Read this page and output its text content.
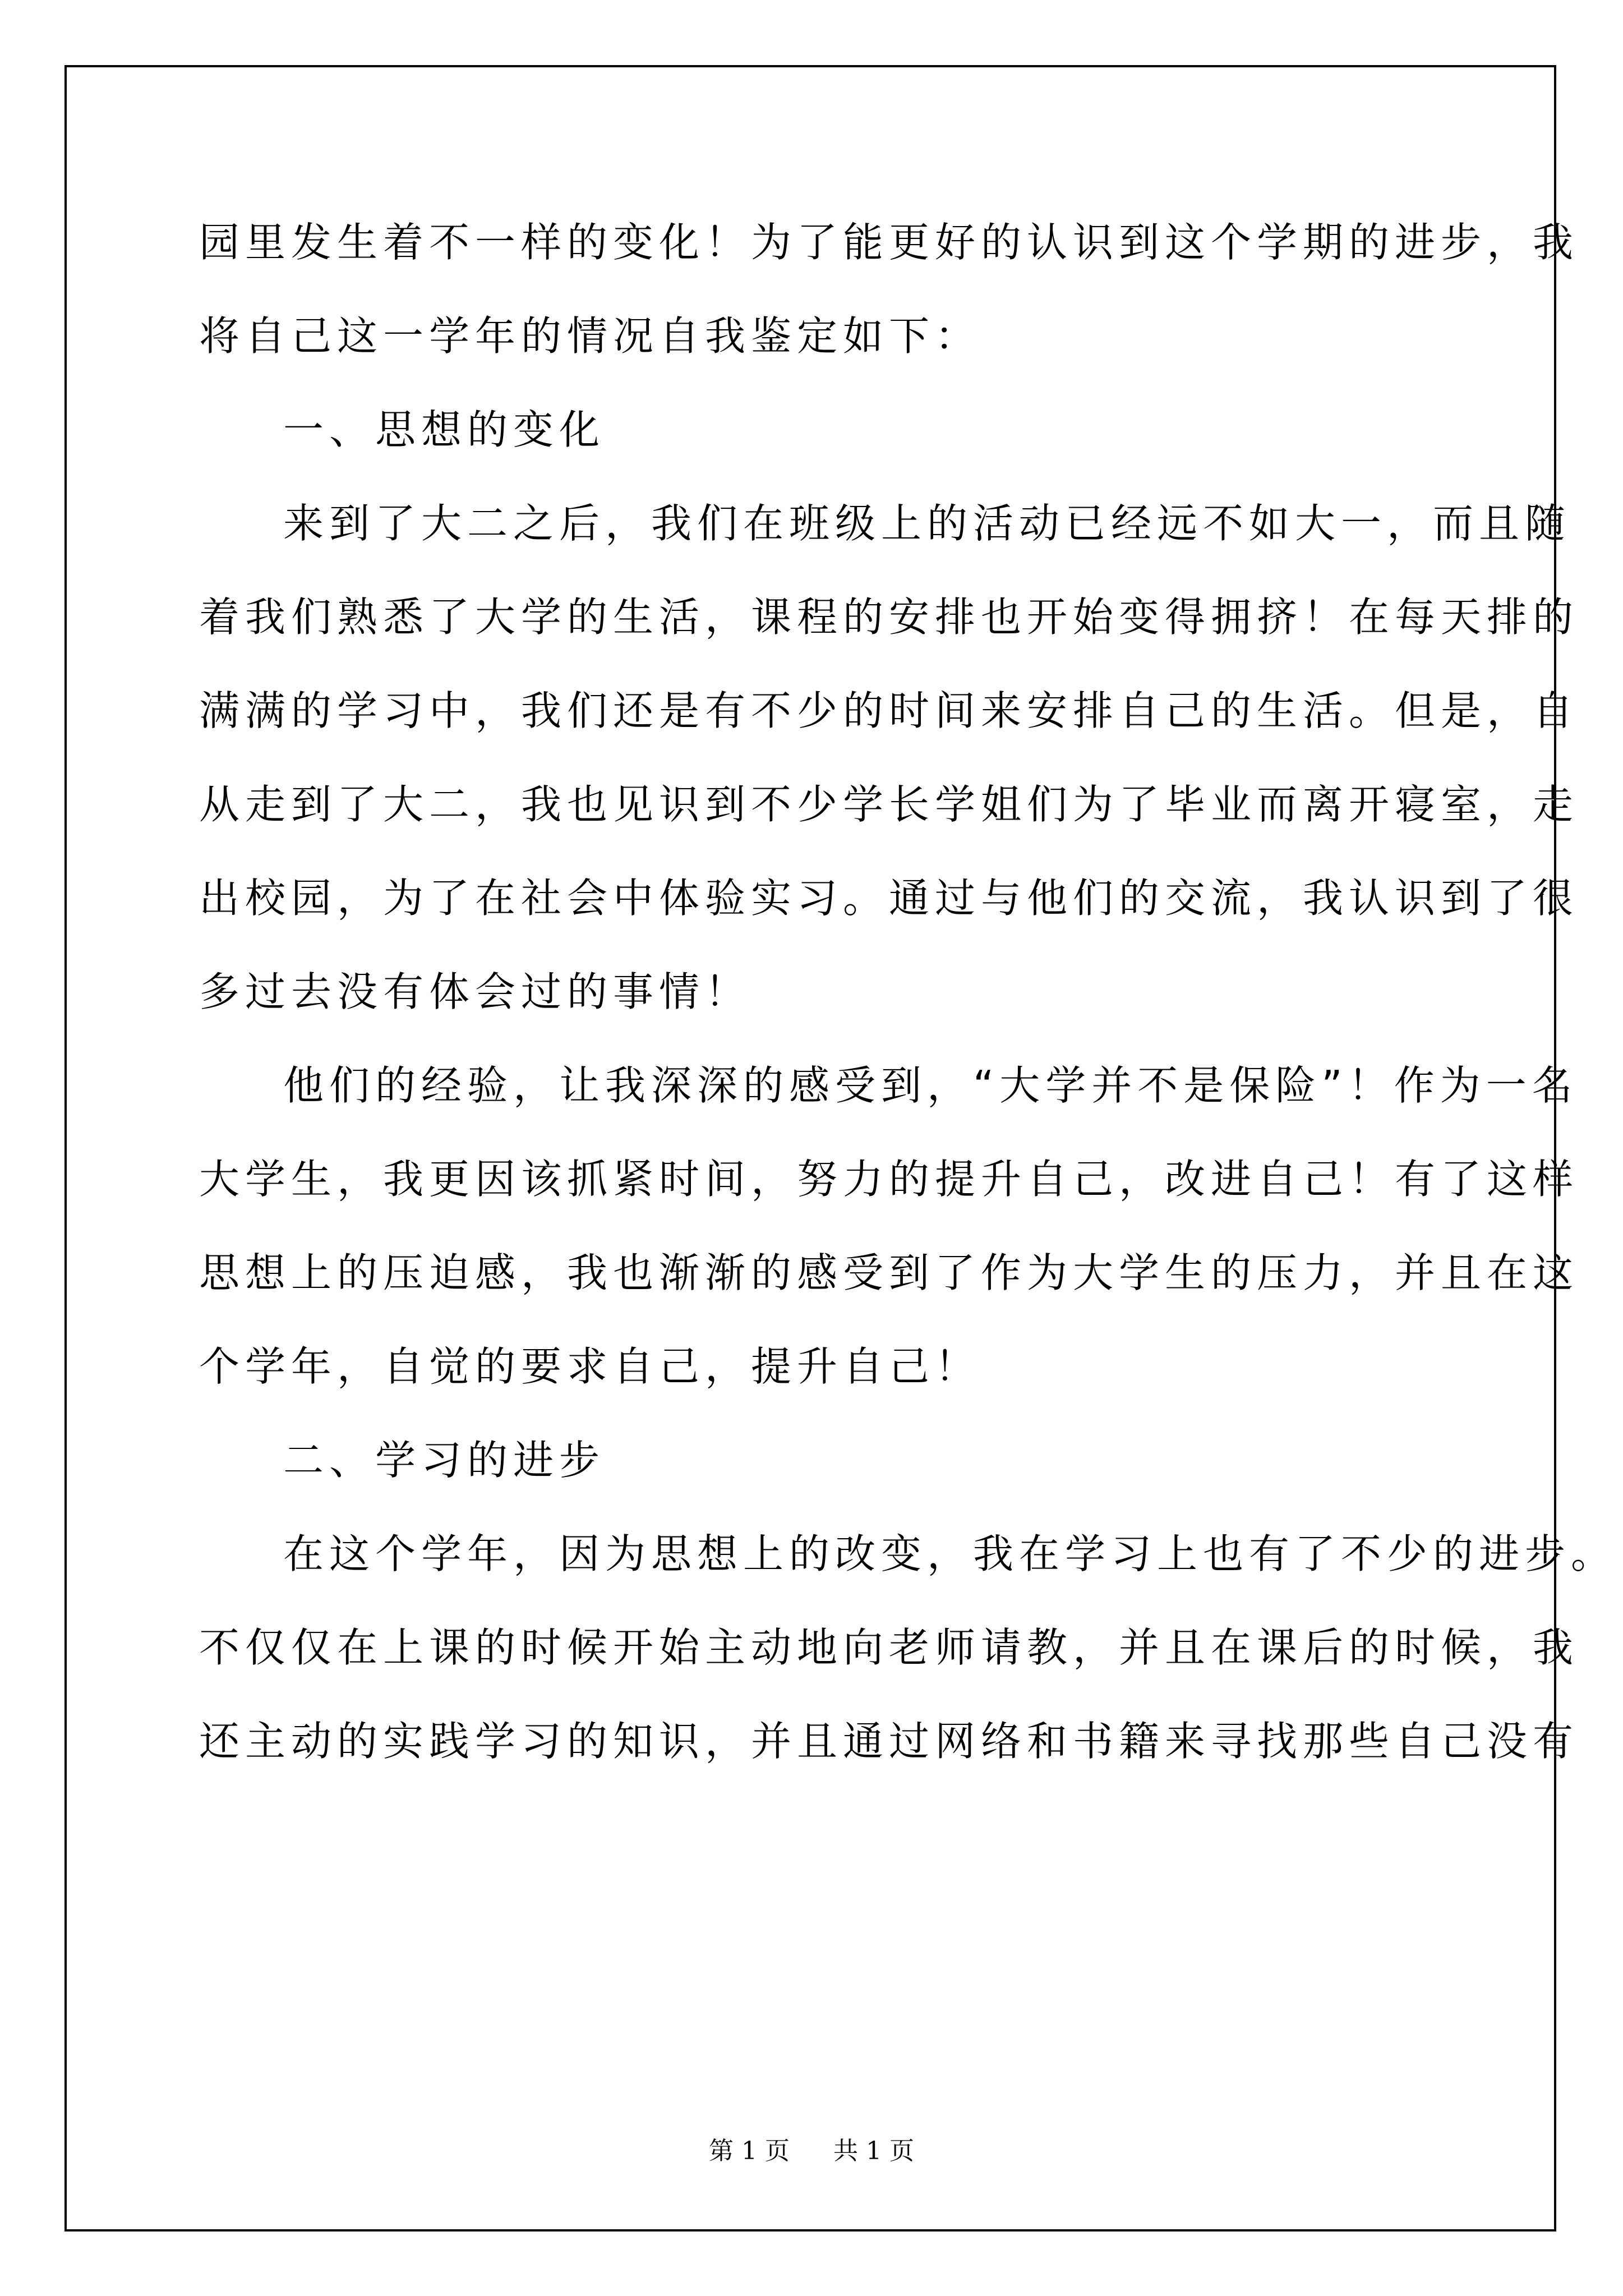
园里发生着不一样的变化！为了能更好的认识到这个学期的进步，我
将自己这一学年的情况自我鉴定如下：
一、思想的变化
来到了大二之后，我们在班级上的活动已经远不如大一，而且随
着我们熟悉了大学的生活，课程的安排也开始变得拥挤！在每天排的
满满的学习中，我们还是有不少的时间来安排自己的生活。但是，自
从走到了大二，我也见识到不少学长学姐们为了毕业而离开寝室，走
出校园，为了在社会中体验实习。通过与他们的交流，我认识到了很
多过去没有体会过的事情！
他们的经验，让我深深的感受到，“大学并不是保险”！作为一名
大学生，我更因该抓紧时间，努力的提升自己，改进自己！有了这样
思想上的压迫感，我也渐渐的感受到了作为大学生的压力，并且在这
个学年，自觉的要求自己，提升自己！
二、学习的进步
在这个学年，因为思想上的改变，我在学习上也有了不少的进步。
不仅仅在上课的时候开始主动地向老师请教，并且在课后的时候，我
还主动的实践学习的知识，并且通过网络和书籍来寻找那些自己没有
第 1 页 共 1 页
